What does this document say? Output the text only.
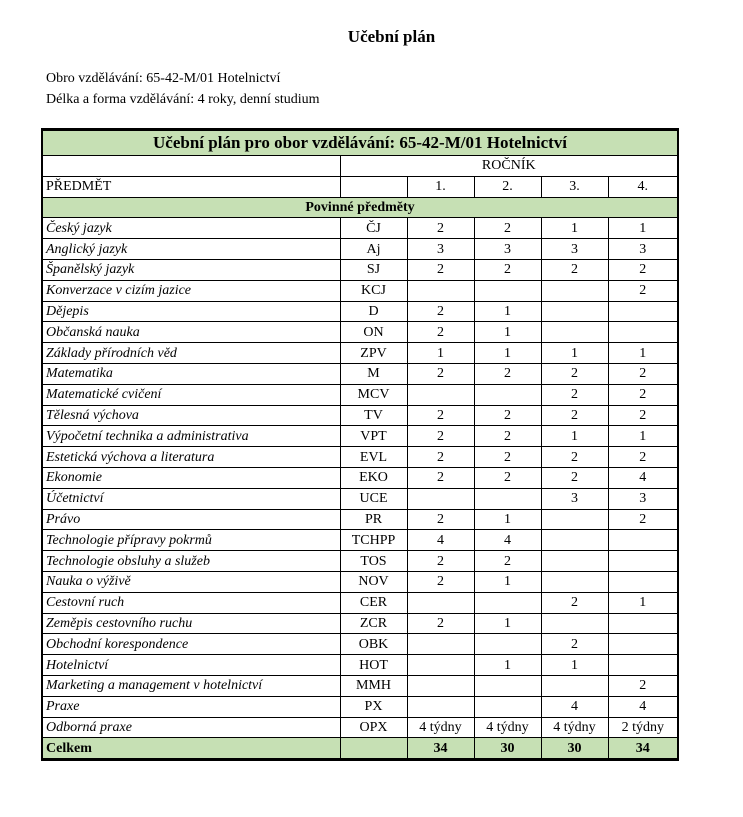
Učební plán
Obro vzdělávání: 65-42-M/01 Hotelnictví
Délka a forma vzdělávání: 4 roky, denní studium
Učební plán pro obor vzdělávání: 65-42-M/01 Hotelnictví					
	ROČNÍK				
PŘEDMĚT		1.	2.	3.	4.
Povinné předměty					
Český jazyk	ČJ	2	2	1	1
Anglický jazyk	Aj	3	3	3	3
Španělský jazyk	SJ	2	2	2	2
Konverzace v cizím jazice	KCJ				2
Dějepis	D	2	1		
Občanská nauka	ON	2	1		
Základy přírodních věd	ZPV	1	1	1	1
Matematika	M	2	2	2	2
Matematické cvičení	MCV			2	2
Tělesná výchova	TV	2	2	2	2
Výpočetní technika a administrativa	VPT	2	2	1	1
Estetická výchova a literatura	EVL	2	2	2	2
Ekonomie	EKO	2	2	2	4
Účetnictví	UCE			3	3
Právo	PR	2	1		2
Technologie přípravy pokrmů	TCHPP	4	4		
Technologie obsluhy a služeb	TOS	2	2		
Nauka o výživě	NOV	2	1		
Cestovní ruch	CER			2	1
Zeměpis cestovního ruchu	ZCR	2	1		
Obchodní korespondence	OBK			2	
Hotelnictví	HOT		1	1	
Marketing a management v hotelnictví	MMH				2
Praxe	PX			4	4
Odborná praxe	OPX	4 týdny	4 týdny	4 týdny	2 týdny
Celkem		34	30	30	34
